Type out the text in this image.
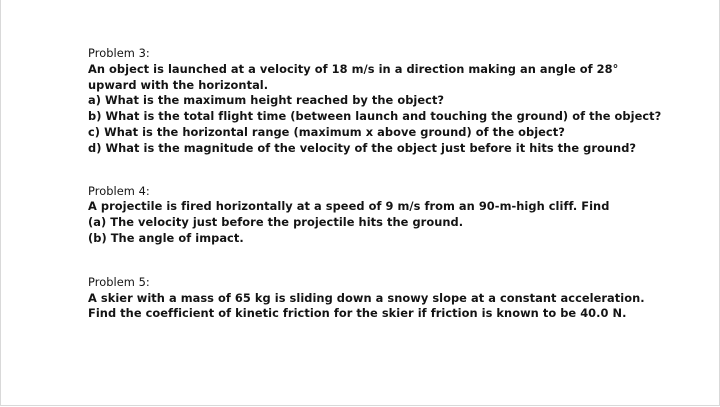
Problem 3:
An object is launched at a velocity of 18 m/s in a direction making an angle of 28°
upward with the horizontal.
a) What is the maximum height reached by the object?
b) What is the total flight time (between launch and touching the ground) of the object?
c) What is the horizontal range (maximum x above ground) of the object?
d) What is the magnitude of the velocity of the object just before it hits the ground?
Problem 4:
A projectile is fired horizontally at a speed of 9 m/s from an 90-m-high cliff. Find
(a) The velocity just before the projectile hits the ground.
(b) The angle of impact.
Problem 5:
A skier with a mass of 65 kg is sliding down a snowy slope at a constant acceleration.
Find the coefficient of kinetic friction for the skier if friction is known to be 40.0 N.
